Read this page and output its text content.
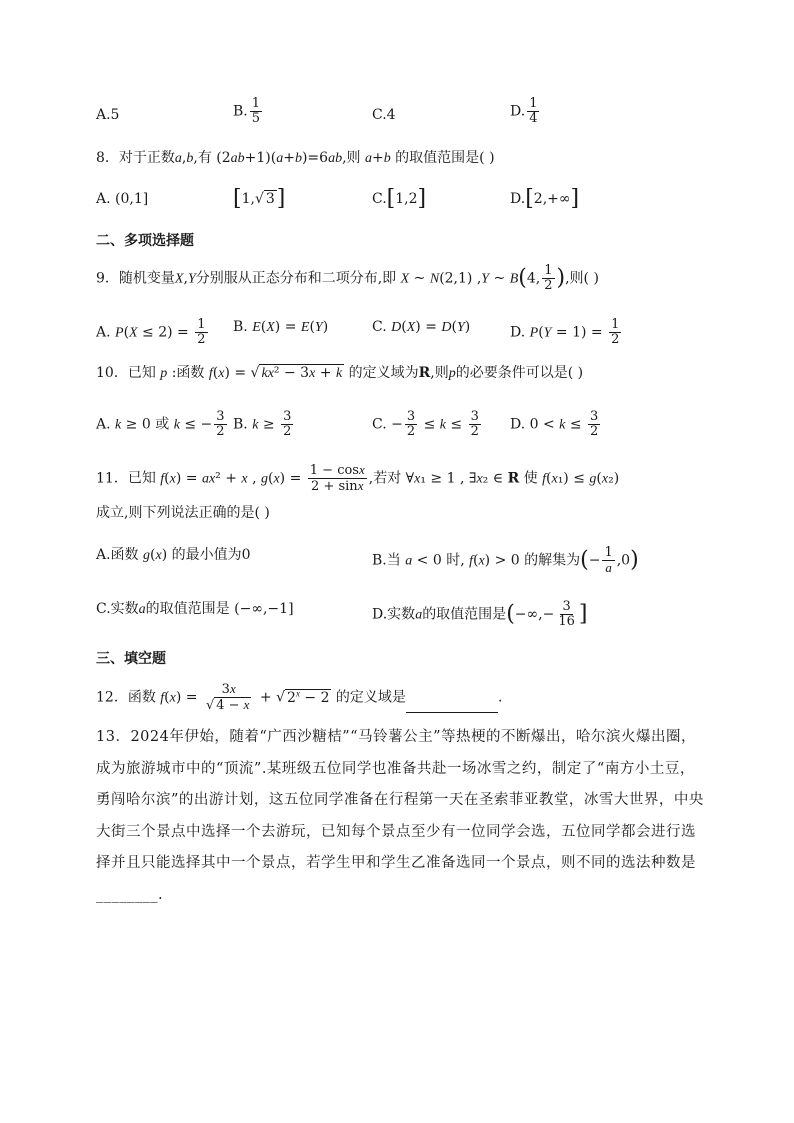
A.5	B. $\frac{1}{5}$	C.4	D. $\frac{1}{4}$
8．对于正数a,b,有 (2ab+1)(a+b)=6ab,则 a+b 的取值范围是( )
A. (0,1]	[1,√ 3]	C.[1,2]	D.[2,+∞]
二、多项选择题
9．随机变量X,Y分别服从正态分布和二项分布,即 X ~ N(2,1) ,Y ~ B(4, $\frac{1}{2}$ ),则( )
A. $P(X \le 2) = \frac{1}{2} B$. E(X) = E(Y)	C. D(X) = D(Y)	D. $P(Y = 1) = \frac{1}{2}$
10．已知 p :函数 f(x) = √ kx² − 3x + k 的定义域为R,则p的必要条件可以是( )
A. k ≥ 0 或 k ≤ − $\frac{3}{2} B$. $k \ge \frac{3}{2}$	C. − $\frac{3}{2} \le k \le \frac{3}{2} D$. $0 < k \le \frac{3}{2}$
11．已知 f(x) = ax² + x , $g(x) = \frac{1 - \cos x}{2 + \sin x}$ ,若对 ∀x₁ ≥ 1 , ∃x₂ ∈ R 使 f(x₁) ≤ g(x₂)
成立,则下列说法正确的是( )
A.函数 g(x) 的最小值为0	B.当 a < 0 时, f(x) > 0 的解集为(− $\frac{1}{a} ,0$)
C.实数a的取值范围是 (−∞,−1]	D.实数a的取值范围是(−∞,− $\frac{3}{16}$ ]
三、填空题
12．函数 $f(x) = \frac{3x}{√ 4 - x}$ + √ $2^x - 2$ 的定义域是	.
13．2024年伊始，随着“广西沙糖桔”“马铃薯公主”等热梗的不断爆出，哈尔滨火爆出圈，成为旅游城市中的“顶流”.某班级五位同学也准备共赴一场冰雪之约，制定了“南方小土豆，勇闯哈尔滨”的出游计划，这五位同学准备在行程第一天在圣索菲亚教堂，冰雪大世界，中央大街三个景点中选择一个去游玩，已知每个景点至少有一位同学会选，五位同学都会进行选择并且只能选择其中一个景点，若学生甲和学生乙准备选同一个景点，则不同的选法种数是________.
